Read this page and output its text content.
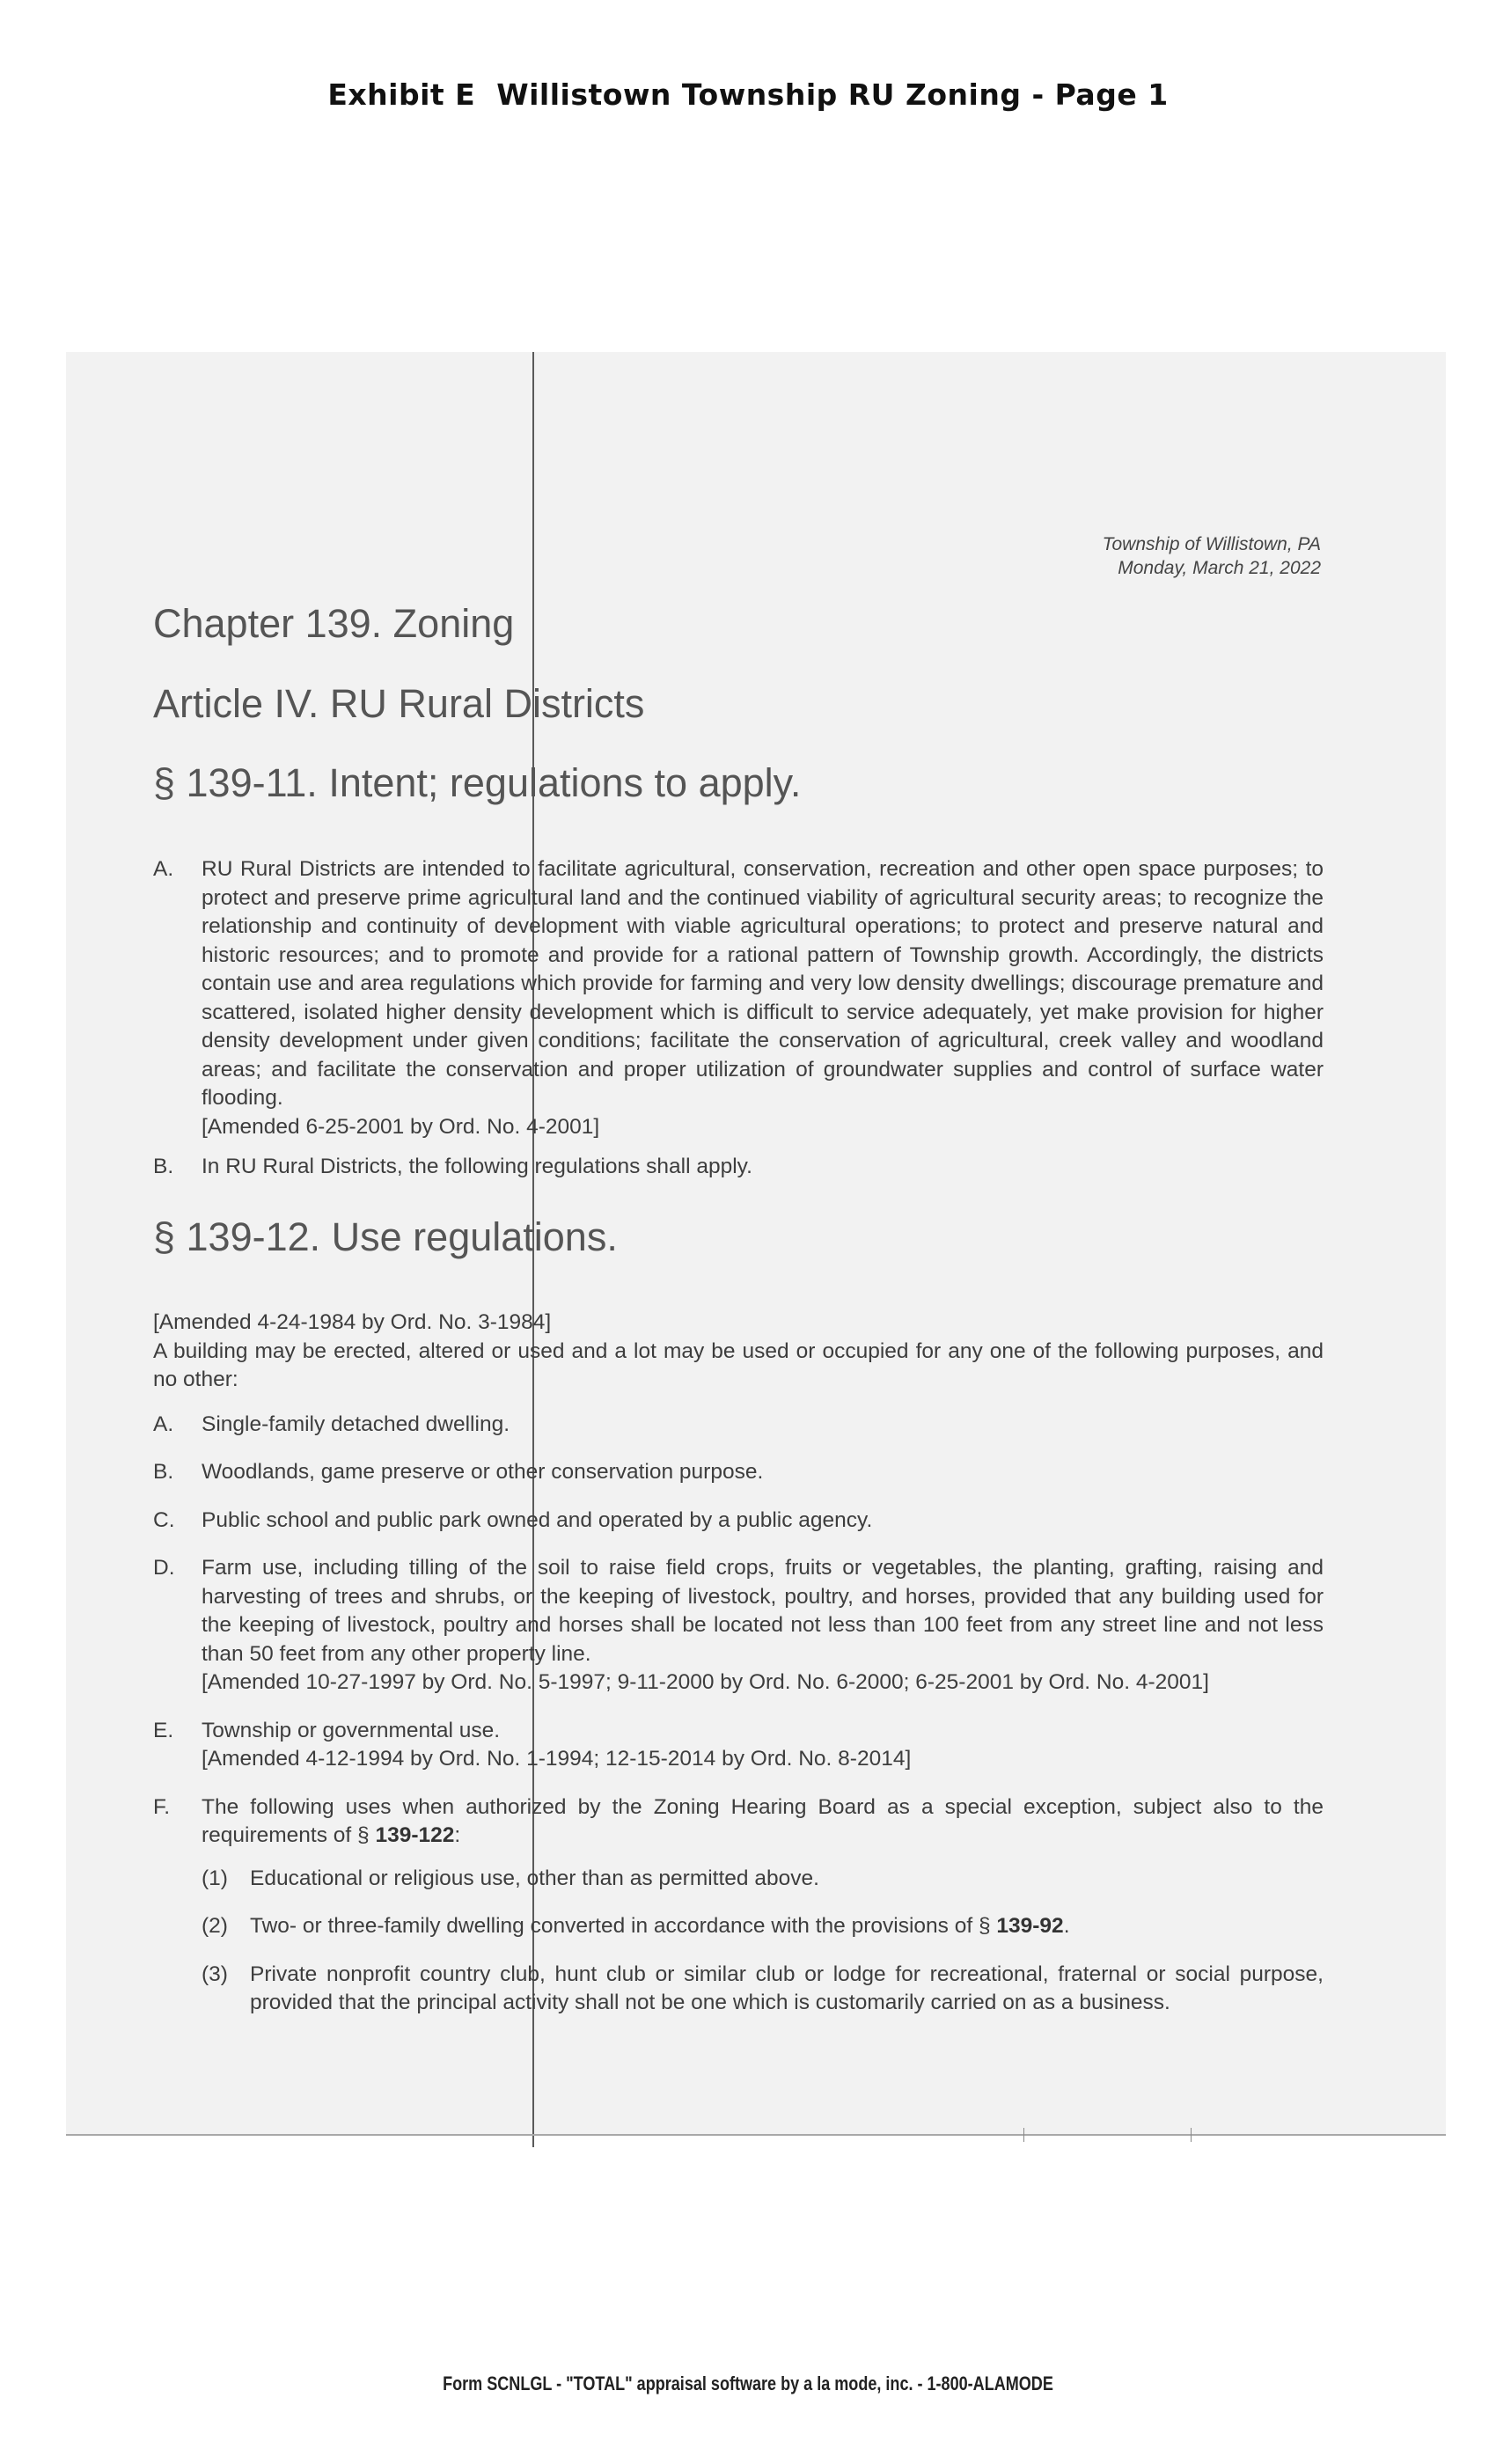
Exhibit E Willistown Township RU Zoning - Page 1
Township of Willistown, PA
Monday, March 21, 2022
Chapter 139. Zoning
Article IV. RU Rural Districts
§ 139-11. Intent; regulations to apply.
A.	RU Rural Districts are intended to facilitate agricultural, conservation, recreation and other open space purposes; to protect and preserve prime agricultural land and the continued viability of agricultural security areas; to recognize the relationship and continuity of development with viable agricultural operations; to protect and preserve natural and historic resources; and to promote and provide for a rational pattern of Township growth. Accordingly, the districts contain use and area regulations which provide for farming and very low density dwellings; discourage premature and scattered, isolated higher density development which is difficult to service adequately, yet make provision for higher density development under given conditions; facilitate the conservation of agricultural, creek valley and woodland areas; and facilitate the conservation and proper utilization of groundwater supplies and control of surface water flooding.
[Amended 6-25-2001 by Ord. No. 4-2001]
B.	In RU Rural Districts, the following regulations shall apply.
§ 139-12. Use regulations.
[Amended 4-24-1984 by Ord. No. 3-1984]
A building may be erected, altered or used and a lot may be used or occupied for any one of the following purposes, and no other:
A.	Single-family detached dwelling.
B.	Woodlands, game preserve or other conservation purpose.
C.	Public school and public park owned and operated by a public agency.
D.	Farm use, including tilling of the soil to raise field crops, fruits or vegetables, the planting, grafting, raising and harvesting of trees and shrubs, or the keeping of livestock, poultry, and horses, provided that any building used for the keeping of livestock, poultry and horses shall be located not less than 100 feet from any street line and not less than 50 feet from any other property line.
[Amended 10-27-1997 by Ord. No. 5-1997; 9-11-2000 by Ord. No. 6-2000; 6-25-2001 by Ord. No. 4-2001]
E.	Township or governmental use.
[Amended 4-12-1994 by Ord. No. 1-1994; 12-15-2014 by Ord. No. 8-2014]
F.	The following uses when authorized by the Zoning Hearing Board as a special exception, subject also to the requirements of § 139-122:
(1)	Educational or religious use, other than as permitted above.
(2)	Two- or three-family dwelling converted in accordance with the provisions of § 139-92.
(3)	Private nonprofit country club, hunt club or similar club or lodge for recreational, fraternal or social purpose, provided that the principal activity shall not be one which is customarily carried on as a business.
Form SCNLGL - "TOTAL" appraisal software by a la mode, inc. - 1-800-ALAMODE
